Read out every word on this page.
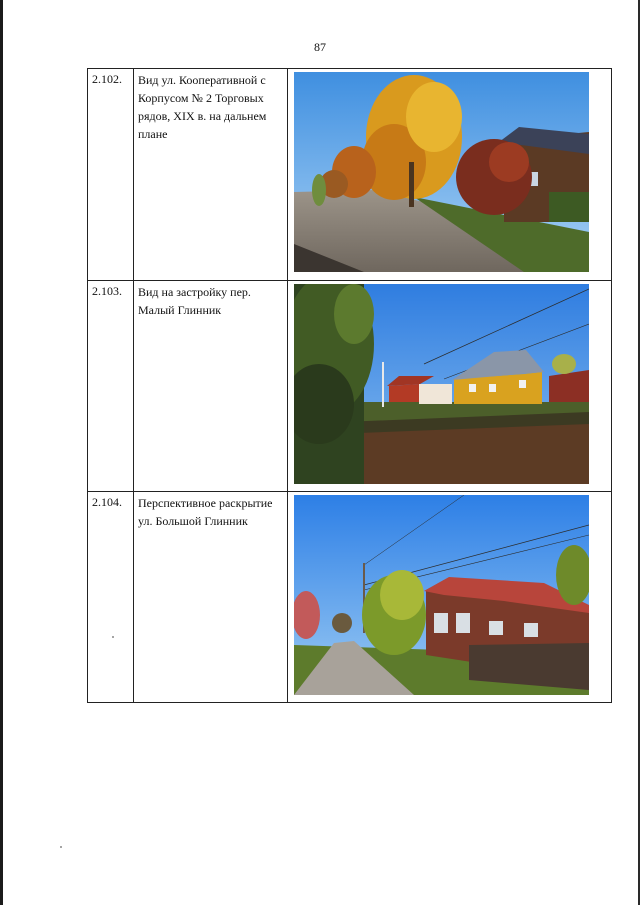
87
2.102.	Вид ул. Кооперативной с Корпусом № 2 Торговых рядов, XIX в. на дальнем плане	

2.103.	Вид на застройку пер. Малый Глинник	

2.104.	Перспективное раскрытие ул. Большой Глинник	
